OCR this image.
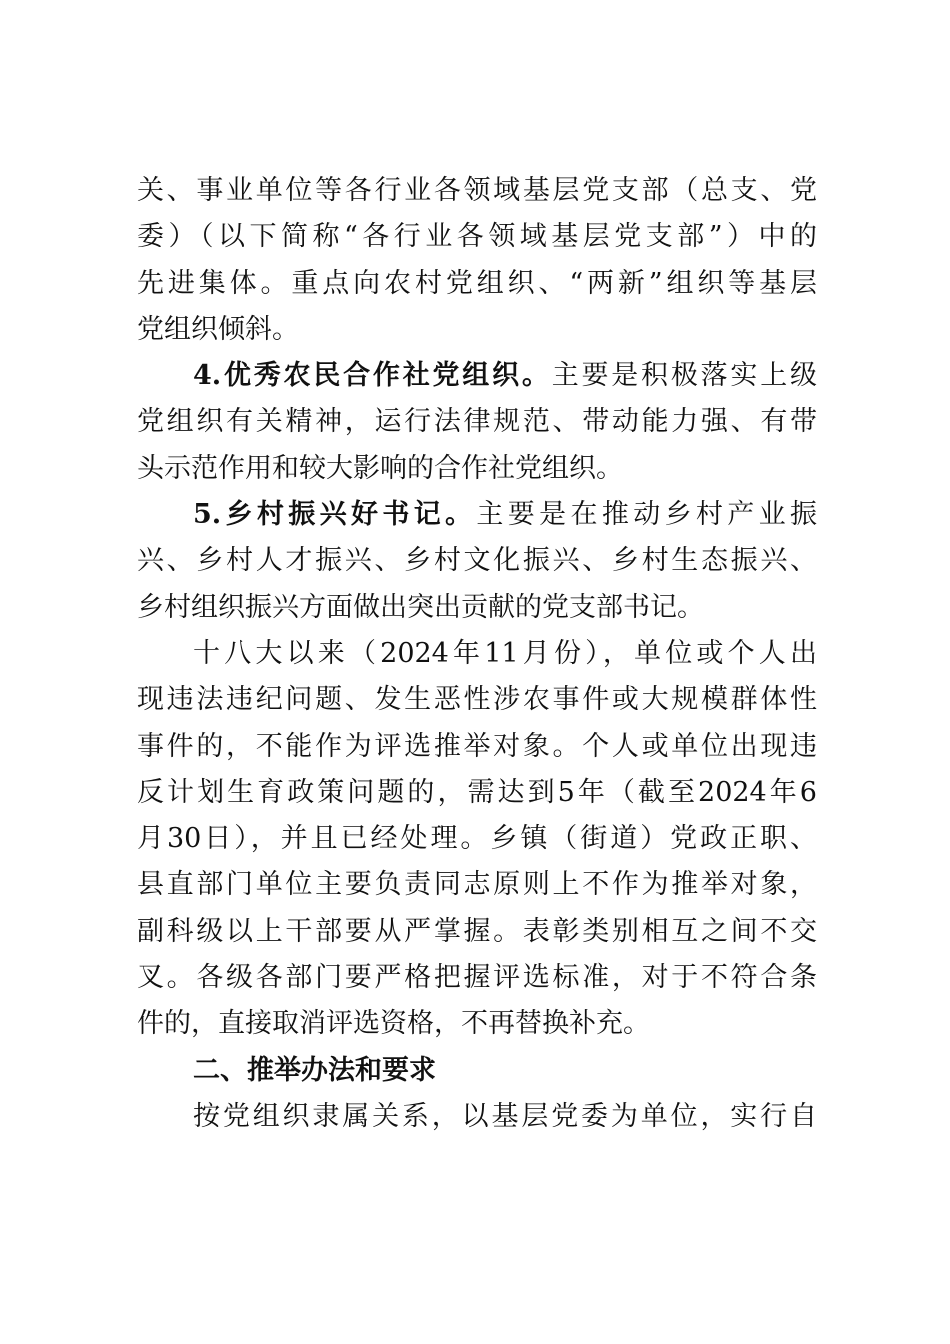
关、事业单位等各行业各领域基层党支部（总支、党
委）（以下简称“各行业各领域基层党支部”）中的
先进集体。重点向农村党组织、“两新”组织等基层
党组织倾斜。
4.优秀农民合作社党组织。主要是积极落实上级
党组织有关精神，运行法律规范、带动能力强、有带
头示范作用和较大影响的合作社党组织。
5.乡村振兴好书记。主要是在推动乡村产业振
兴、乡村人才振兴、乡村文化振兴、乡村生态振兴、
乡村组织振兴方面做出突出贡献的党支部书记。
十八大以来（2024年11月份），单位或个人出
现违法违纪问题、发生恶性涉农事件或大规模群体性
事件的，不能作为评选推举对象。个人或单位出现违
反计划生育政策问题的，需达到5年（截至2024年6
月30日），并且已经处理。乡镇（街道）党政正职、
县直部门单位主要负责同志原则上不作为推举对象，
副科级以上干部要从严掌握。表彰类别相互之间不交
叉。各级各部门要严格把握评选标准，对于不符合条
件的，直接取消评选资格，不再替换补充。
二、推举办法和要求
按党组织隶属关系，以基层党委为单位，实行自
